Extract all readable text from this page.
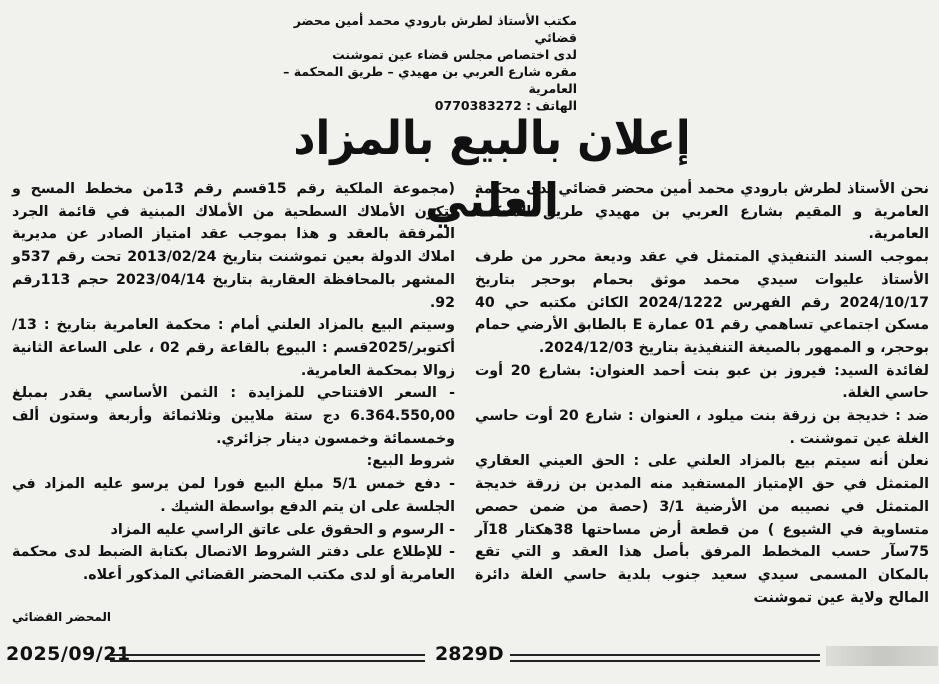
مكتب الأستاذ لطرش بارودي محمد أمين محضر قضائي
لدى اختصاص مجلس قضاء عين تموشنت
مقره شارع العربي بن مهيدي – طريق المحكمة – العامرية
الهاتف : 0770383272
إعلان بالبيع بالمزاد العلني

نحن الأستاذ لطرش بارودي محمد أمين محضر قضائي لدى محكمة العامرية و المقيم بشارع العربي بن مهيدي طريق المحكمة العامرية.

بموجب السند التنفيذي المتمثل في عقد وديعة محرر من طرف الأستاذ عليوات سيدي محمد موثق بحمام بوحجر بتاريخ 2024/10/17 رقم الفهرس 2024/1222 الكائن مكتبه حي 40 مسكن اجتماعي تساهمي رقم 01 عمارة E بالطابق الأرضي حمام بوحجر، و الممهور بالصيغة التنفيذية بتاريخ 2024/12/03.

لفائدة السيد: فيروز بن عبو بنت أحمد العنوان: بشارع 20 أوت حاسي الغلة.

ضد : خديجة بن زرقة بنت ميلود ، العنوان : شارع 20 أوت حاسي الغلة عين تموشنت .

نعلن أنه سيتم بيع بالمزاد العلني على : الحق العيني العقاري المتمثل في حق الإمتياز المستفيد منه المدين بن زرقة خديجة المتمثل في نصيبه من الأرضية 3/1 (حصة من ضمن حصص متساوية في الشيوع ) من قطعة أرض مساحتها 38هكتار 18آر 75سآر حسب المخطط المرفق بأصل هذا العقد و التي تقع بالمكان المسمى سيدي سعيد جنوب بلدية حاسي الغلة دائرة المالح ولاية عين تموشنت

(مجموعة الملكية رقم 15قسم رقم 13من مخطط المسح و تتكون الأملاك السطحية من الأملاك المبنية في قائمة الجرد المرفقة بالعقد و هذا بموجب عقد امتياز الصادر عن مديرية املاك الدولة بعين تموشنت بتاريخ 2013/02/24 تحت رقم 537و المشهر بالمحافظة العقارية بتاريخ 2023/04/14 حجم 113رقم 92.

وسيتم البيع بالمزاد العلني أمام : محكمة العامرية بتاريخ : 13/أكتوبر/2025قسم : البيوع بالقاعة رقم 02 ، على الساعة الثانية زوالا بمحكمة العامرية.

- السعر الافتتاحي للمزايدة : الثمن الأساسي يقدر بمبلغ 6.364.550,00 دج ستة ملايين وثلاثمائة وأربعة وستون ألف وخمسمائة وخمسون دينار جزائري.

شروط البيع:

- دفع خمس 5/1 مبلغ البيع فورا لمن يرسو عليه المزاد في الجلسة على ان يتم الدفع بواسطة الشيك .

- الرسوم و الحقوق على عاتق الراسي عليه المزاد

- للإطلاع على دفتر الشروط الاتصال بكتابة الضبط لدى محكمة العامرية أو لدى مكتب المحضر القضائي المذكور أعلاه.

المحضر القضائي
2025/09/21	2829D
